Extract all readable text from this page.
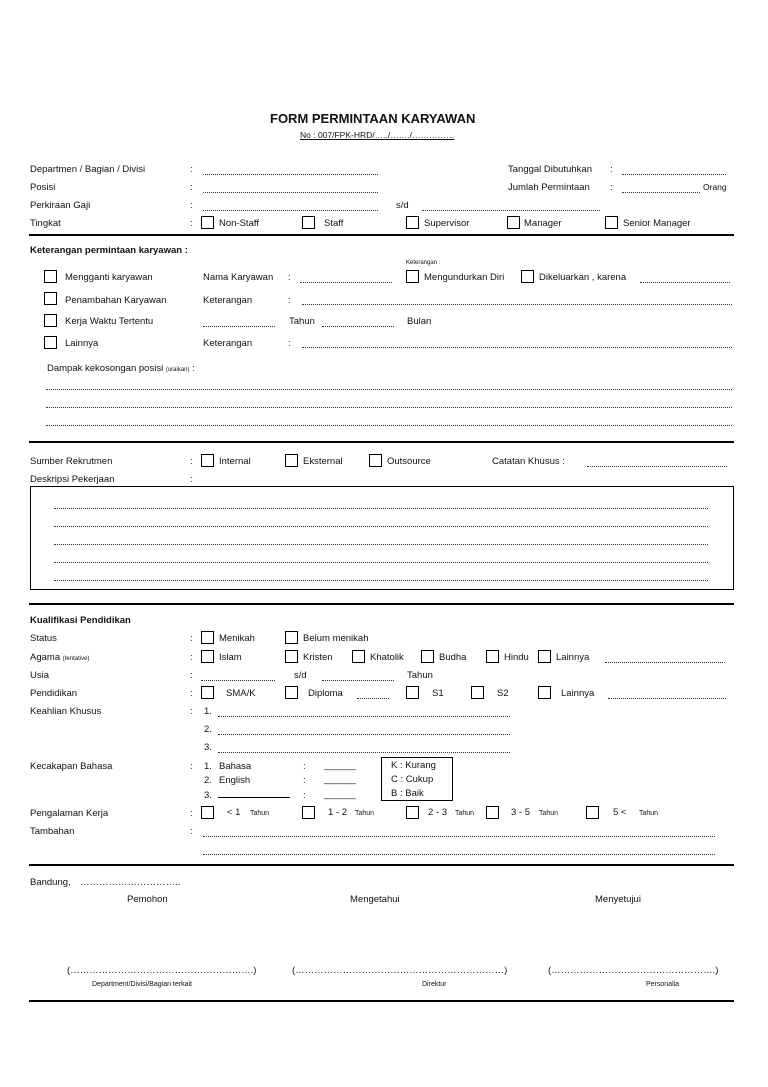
FORM PERMINTAAN KARYAWAN
No : 007/FPK-HRD/…../……./……………
Departmen / Bagian / Divisi	:	Tanggal Dibutuhkan :
Posisi	:	Jumlah Permintaan :	Orang
Perkiraan Gaji	:	s/d
Tingkat	:	Non-Staff	Staff	Supervisor	Manager	Senior Manager
Keterangan permintaan karyawan :
Keterangan :
Mengganti karyawan	Nama Karyawan :	Mengundurkan Diri	Dikeluarkan , karena
Penambahan Karyawan	Keterangan	:
Kerja Waktu Tertentu	Tahun	Bulan
Lainnya	Keterangan	:
Dampak kekosongan posisi (uraikan) :
Sumber Rekrutmen	:	Internal	Eksternal	Outsource	Catatan Khusus :
Deskripsi Pekerjaan	:
Kualifikasi Pendidikan
Status	:	Menikah	Belum menikah
Agama (tentative)	:	Islam	Kristen	Khatolik	Budha	Hindu	Lainnya
Usia	:	s/d	Tahun
Pendidikan	:	SMA/K	Diploma	S1	S2	Lainnya
Keahlian Khusus	: 1.
2.
3.
Kecakapan Bahasa	: 1. Bahasa	: ______
2. English	: ______
3.	: ______
K : Kurang
C : Cukup
B : Baik
Pengalaman Kerja	:	< 1 Tahun	1 - 2 Tahun	2 - 3 Tahun	3 - 5 Tahun	5 < Tahun
Tambahan	:
Bandung, …………………………..
Pemohon	Mengetahui	Menyetujui
(………………………………………………….)	(…………………………………………………………)	(…………………………………………….)
Department/Divisi/Bagian terkait	Direktur	Personalia
